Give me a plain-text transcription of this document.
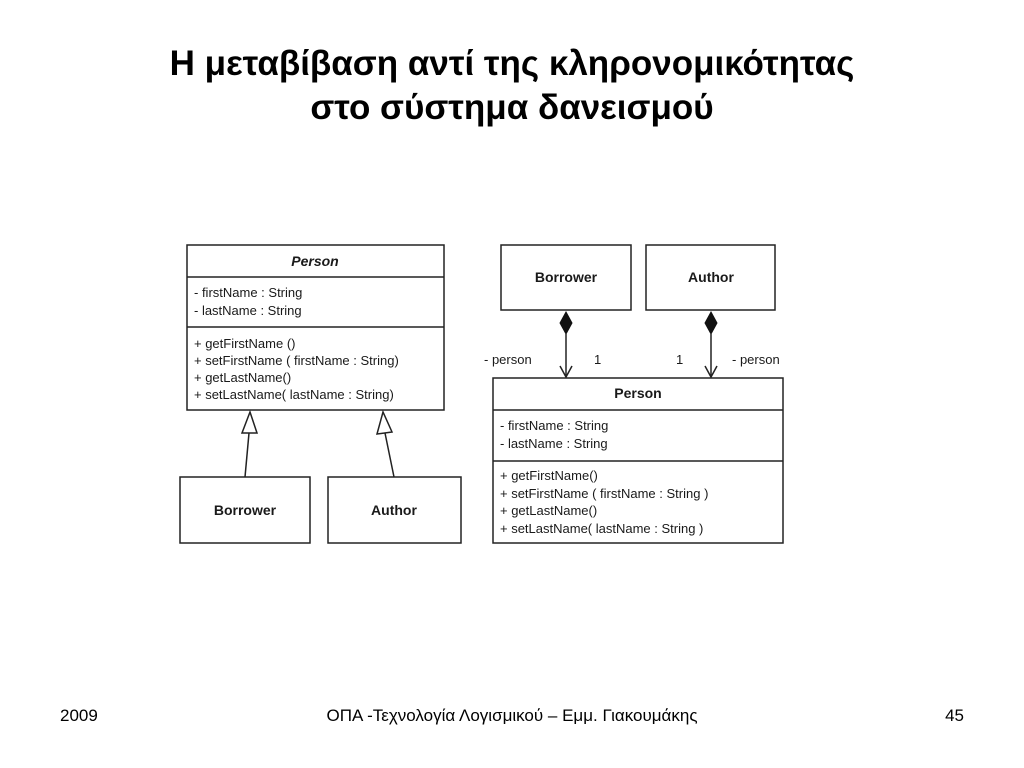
Η μεταβίβαση αντί της κληρονομικότητας
στο σύστημα δανεισμού
Person
- firstName : String
- lastName : String
+ getFirstName ()
+ setFirstName ( firstName : String)
+ getLastName()
+ setLastName( lastName : String)
Borrower	Author
Borrower	Author
- person	1	1	- person
Person
- firstName : String
- lastName : String
+ getFirstName()
+ setFirstName ( firstName : String )
+ getLastName()
+ setLastName( lastName : String )
2009	ΟΠΑ -Τεχνολογία Λογισμικού – Εμμ. Γιακουμάκης	45
